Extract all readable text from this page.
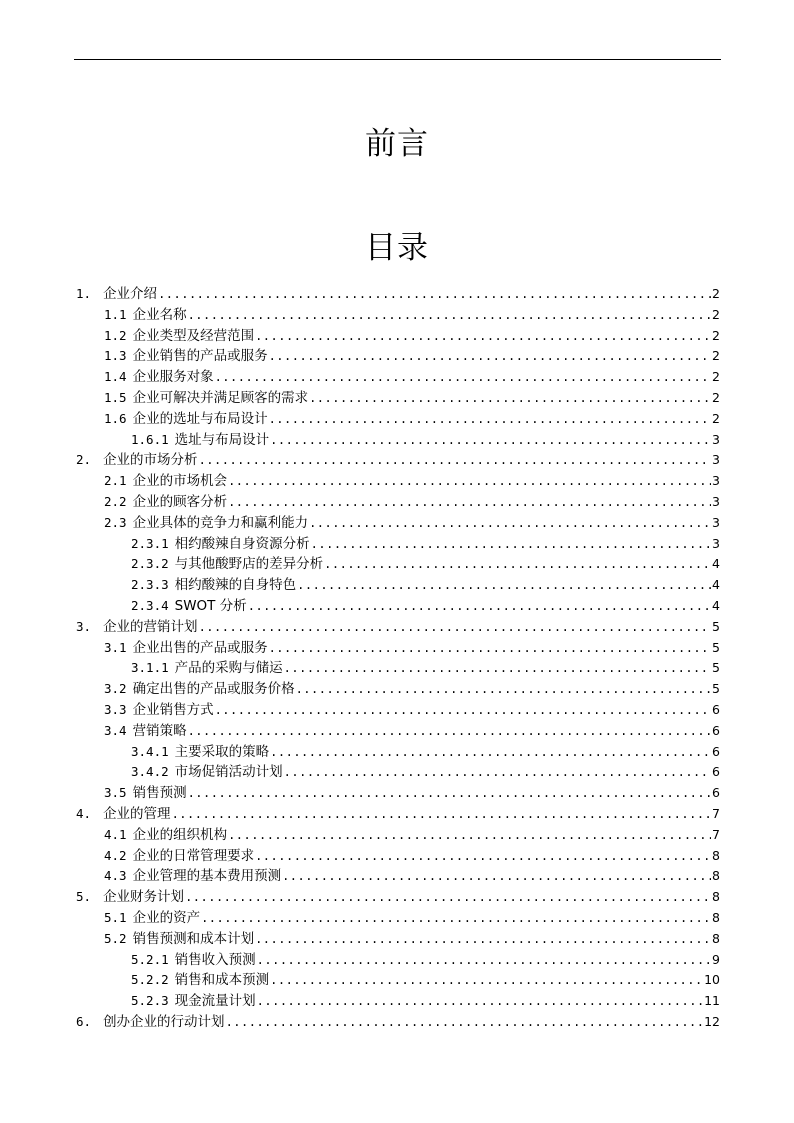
前言
目录
1. 企业介绍 .....	2
1.1 企业名称 .....	2
1.2 企业类型及经营范围 .....	2
1.3 企业销售的产品或服务 .....	2
1.4 企业服务对象 .....	2
1.5 企业可解决并满足顾客的需求 .....	2
1.6 企业的选址与布局设计 .....	2
1.6.1 选址与布局设计 .....	3
2. 企业的市场分析 .....	3
2.1 企业的市场机会 .....	3
2.2 企业的顾客分析 .....	3
2.3 企业具体的竞争力和赢利能力 .....	3
2.3.1 相约酸辣自身资源分析 .....	3
2.3.2 与其他酸野店的差异分析 .....	4
2.3.3 相约酸辣的自身特色 .....	4
2.3.4 SWOT 分析 .....	4
3. 企业的营销计划 .....	5
3.1 企业出售的产品或服务 .....	5
3.1.1 产品的采购与储运 .....	5
3.2 确定出售的产品或服务价格 .....	5
3.3 企业销售方式 .....	6
3.4 营销策略 .....	6
3.4.1 主要采取的策略 .....	6
3.4.2 市场促销活动计划 .....	6
3.5 销售预测 .....	6
4. 企业的管理 .....	7
4.1 企业的组织机构 .....	7
4.2 企业的日常管理要求 .....	8
4.3 企业管理的基本费用预测 .....	8
5. 企业财务计划 .....	8
5.1 企业的资产 .....	8
5.2 销售预测和成本计划 .....	8
5.2.1 销售收入预测 .....	9
5.2.2 销售和成本预测 .....	10
5.2.3 现金流量计划 .....	11
6. 创办企业的行动计划 .....	12
